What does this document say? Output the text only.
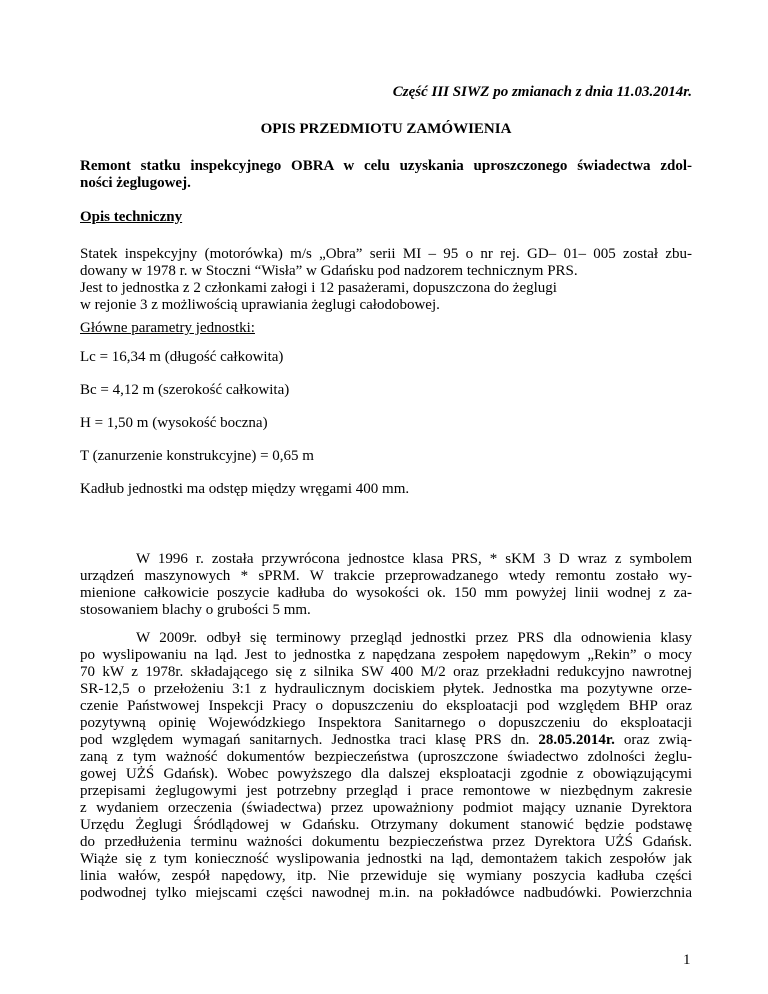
Część III SIWZ po zmianach z dnia 11.03.2014r.
OPIS PRZEDMIOTU ZAMÓWIENIA
Remont statku inspekcyjnego OBRA w celu uzyskania uproszczonego świadectwa zdol-
ności żeglugowej.
Opis techniczny
Statek inspekcyjny (motorówka) m/s „Obra” serii MI – 95 o nr rej. GD– 01– 005 został zbu-
dowany w 1978 r. w Stoczni “Wisła” w Gdańsku pod nadzorem technicznym PRS.
Jest to jednostka z 2 członkami załogi i 12 pasażerami, dopuszczona do żeglugi
w rejonie 3 z możliwością uprawiania żeglugi całodobowej.
Główne parametry jednostki:
Lc = 16,34 m (długość całkowita)
Bc = 4,12 m (szerokość całkowita)
H = 1,50 m (wysokość boczna)
T (zanurzenie konstrukcyjne) = 0,65 m
Kadłub jednostki ma odstęp między wręgami 400 mm.
W 1996 r. została przywrócona jednostce klasa PRS, * sKM 3 D wraz z symbolem
urządzeń maszynowych * sPRM. W trakcie przeprowadzanego wtedy remontu zostało wy-
mienione całkowicie poszycie kadłuba do wysokości ok. 150 mm powyżej linii wodnej z za-
stosowaniem blachy o grubości 5 mm.
W 2009r. odbył się terminowy przegląd jednostki przez PRS dla odnowienia klasy
po wyslipowaniu na ląd. Jest to jednostka z napędzana zespołem napędowym „Rekin” o mocy
70 kW z 1978r. składającego się z silnika SW 400 M/2 oraz przekładni redukcyjno nawrotnej
SR-12,5 o przełożeniu 3:1 z hydraulicznym dociskiem płytek. Jednostka ma pozytywne orze-
czenie Państwowej Inspekcji Pracy o dopuszczeniu do eksploatacji pod względem BHP oraz
pozytywną opinię Wojewódzkiego Inspektora Sanitarnego o dopuszczeniu do eksploatacji
pod względem wymagań sanitarnych. Jednostka traci klasę PRS dn. 28.05.2014r. oraz zwią-
zaną z tym ważność dokumentów bezpieczeństwa (uproszczone świadectwo zdolności żeglu-
gowej UŻŚ Gdańsk). Wobec powyższego dla dalszej eksploatacji zgodnie z obowiązującymi
przepisami żeglugowymi jest potrzebny przegląd i prace remontowe w niezbędnym zakresie
z wydaniem orzeczenia (świadectwa) przez upoważniony podmiot mający uznanie Dyrektora
Urzędu Żeglugi Śródlądowej w Gdańsku. Otrzymany dokument stanowić będzie podstawę
do przedłużenia terminu ważności dokumentu bezpieczeństwa przez Dyrektora UŻŚ Gdańsk.
Wiąże się z tym konieczność wyslipowania jednostki na ląd, demontażem takich zespołów jak
linia wałów, zespół napędowy, itp. Nie przewiduje się wymiany poszycia kadłuba części
podwodnej tylko miejscami części nawodnej m.in. na pokładówce nadbudówki. Powierzchnia
1
